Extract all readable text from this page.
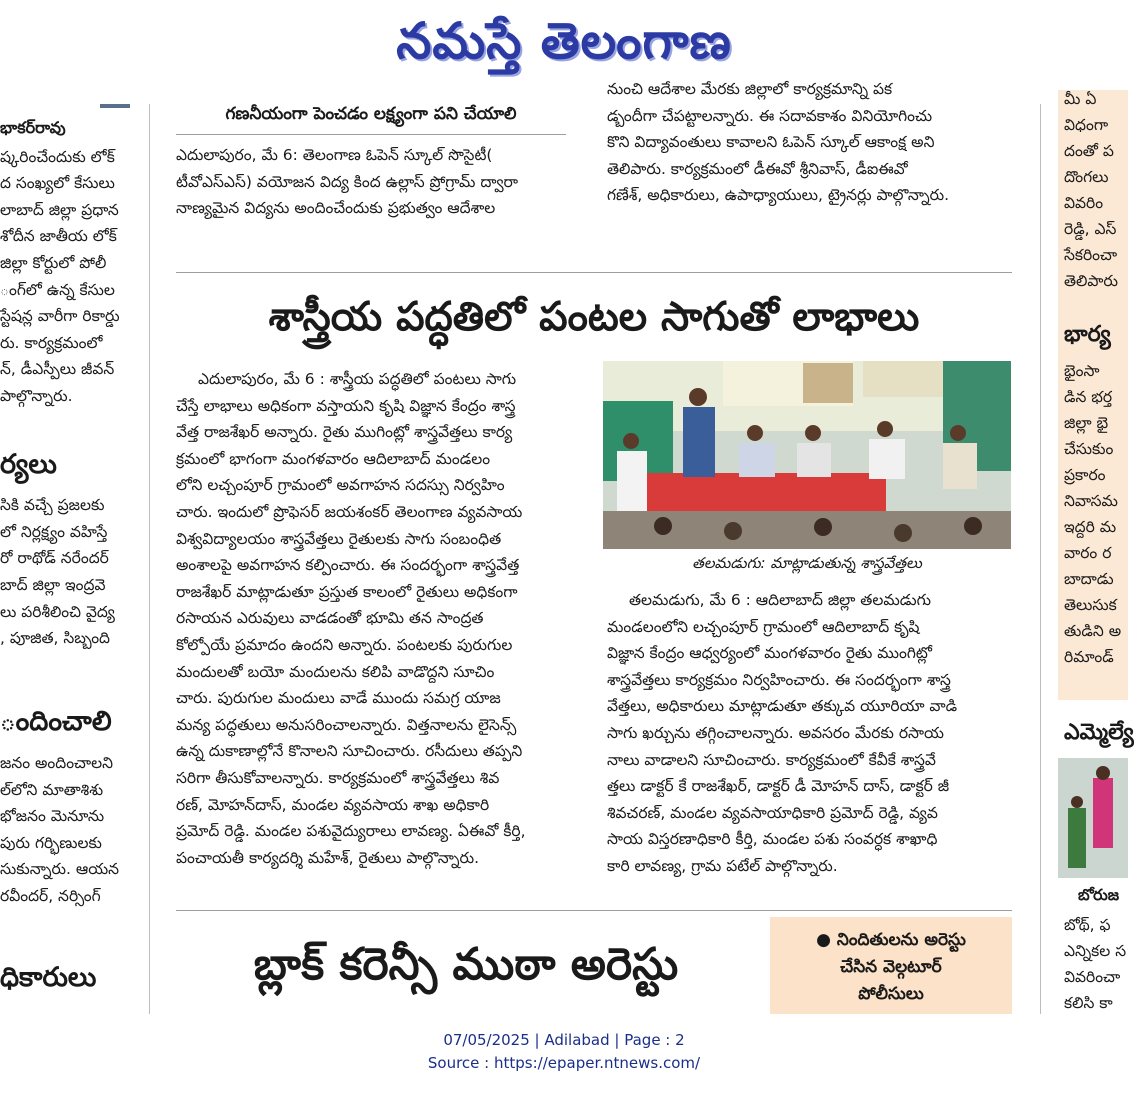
నమస్తే తెలంగాణ
భాకర్‌రావు
ష్కరించేందుకు లోక్
ద సంఖ్యలో కేసులు
లాబాద్ జిల్లా ప్రధాన
శోదీన జాతీయ లోక్
జిల్లా కోర్టులో పోలీ
ంగ్‌లో ఉన్న కేసుల
స్టేషన్ల వారీగా రికార్డు
రు. కార్యక్రమంలో
న్, డీఎస్పీలు జీవన్
పాల్గొన్నారు.
ర్యలు
సికి వచ్చే ప్రజలకు
లో నిర్లక్ష్యం వహిస్తే
రో రాథోడ్ నరేందర్
బాద్ జిల్లా ఇంద్రవె
లు పరిశీలించి వైద్య
, పూజిత, సిబ్బంది
ందించాలి
జనం అందించాలని
ల్‌లోని మాతాశిశు
భోజనం మెనూను
పురు గర్భిణులకు
సుకున్నారు. ఆయన
రవీందర్, నర్సింగ్
ధికారులు
గణనీయంగా పెంచడం లక్ష్యంగా పని చేయాలి

ఎదులాపురం, మే 6: తెలంగాణ ఓపెన్ స్కూల్ సొసైటీ(

టీవోఎస్‌ఎస్) వయోజన విద్య కింద ఉల్లాస్ ప్రోగ్రామ్ ద్వారా

నాణ్యమైన విద్యను అందించేందుకు ప్రభుత్వం ఆదేశాల

నుంచి ఆదేశాల మేరకు జిల్లాలో కార్యక్రమాన్ని పక

డ్బందీగా చేపట్టాలన్నారు. ఈ సదావకాశం వినియోగించు

కొని విద్యావంతులు కావాలని ఓపెన్ స్కూల్ ఆకాంక్ష అని

తెలిపారు. కార్యక్రమంలో డీఈవో శ్రీనివాస్, డీఐఈవో

గణేశ్, అధికారులు, ఉపాధ్యాయులు, ట్రైనర్లు పాల్గొన్నారు.

శాస్త్రీయ పద్ధతిలో పంటల సాగుతో లాభాలు

ఎదులాపురం, మే 6 : శాస్త్రీయ పద్ధతిలో పంటలు సాగు

చేస్తే లాభాలు అధికంగా వస్తాయని కృషి విజ్ఞాన కేంద్రం శాస్త్ర

వేత్త రాజశేఖర్ అన్నారు. రైతు ముగింట్లో శాస్త్రవేత్తలు కార్య

క్రమంలో భాగంగా మంగళవారం ఆదిలాబాద్ మండలం

లోని లచ్చంపూర్ గ్రామంలో అవగాహన సదస్సు నిర్వహిం

చారు. ఇందులో ప్రొఫెసర్ జయశంకర్ తెలంగాణ వ్యవసాయ

విశ్వవిద్యాలయం శాస్త్రవేత్తలు రైతులకు సాగు సంబంధిత

అంశాలపై అవగాహన కల్పించారు. ఈ సందర్భంగా శాస్త్రవేత్త

రాజశేఖర్ మాట్లాడుతూ ప్రస్తుత కాలంలో రైతులు అధికంగా

రసాయన ఎరువులు వాడడంతో భూమి తన సాంద్రత

కోల్పోయే ప్రమాదం ఉందని అన్నారు. పంటలకు పురుగుల

మందులతో బయో మందులను కలిపి వాడొద్దని సూచిం

చారు. పురుగుల మందులు వాడే ముందు సమగ్ర యాజ

మన్య పద్ధతులు అనుసరించాలన్నారు. విత్తనాలను లైసెన్స్

ఉన్న దుకాణాల్లోనే కొనాలని సూచించారు. రసీదులు తప్పని

సరిగా తీసుకోవాలన్నారు. కార్యక్రమంలో శాస్త్రవేత్తలు శివ

రణ్, మోహన్‌దాస్, మండల వ్యవసాయ శాఖ అధికారి

ప్రమోద్ రెడ్డి. మండల పశువైద్యురాలు లావణ్య. ఏఈవో కీర్తి,

పంచాయతీ కార్యదర్శి మహేశ్, రైతులు పాల్గొన్నారు.

తలమడుగు: మాట్లాడుతున్న శాస్త్రవేత్తలు

తలమడుగు, మే 6 : ఆదిలాబాద్ జిల్లా తలమడుగు

మండలంలోని లచ్చంపూర్ గ్రామంలో ఆదిలాబాద్ కృషి

విజ్ఞాన కేంద్రం ఆధ్వర్యంలో మంగళవారం రైతు ముంగిట్లో

శాస్త్రవేత్తలు కార్యక్రమం నిర్వహించారు. ఈ సందర్భంగా శాస్త్ర

వేత్తలు, అధికారులు మాట్లాడుతూ తక్కువ యూరియా వాడి

సాగు ఖర్చును తగ్గించాలన్నారు. అవసరం మేరకు రసాయ

నాలు వాడాలని సూచించారు. కార్యక్రమంలో కేవీకే శాస్త్రవే

త్తలు డాక్టర్ కే రాజశేఖర్, డాక్టర్ డీ మోహన్ దాస్, డాక్టర్ జీ

శివచరణ్, మండల వ్యవసాయాధికారి ప్రమోద్ రెడ్డి, వ్యవ

సాయ విస్తరణాధికారి కీర్తి, మండల పశు సంవర్ధక శాఖాధి

కారి లావణ్య, గ్రామ పటేల్ పాల్గొన్నారు.

బ్లాక్ కరెన్సీ ముఠా అరెస్టు	● నిందితులను అరెస్టు
చేసిన వెల్గటూర్
పోలీసులు
మీ ఏ
విధంగా
దంతో ప
దొంగలు
వివరిం
రెడ్డి, ఎస్
సేకరించా
తెలిపారు
భార్య
భైంసా
డిన భర్త
జిల్లా భై
చేసుకుం
ప్రకారం
నివాసమ
ఇద్దరి మ
వారం ర
బాదాడు
తెలుసుక
తుడిని అ
రిమాండ్
ఎమ్మెల్యే
బోరుజ
బోథ్, ఫ
ఎన్నికల స
వివరించా
కలిసి కా
07/05/2025 | Adilabad | Page : 2
Source : https://epaper.ntnews.com/
